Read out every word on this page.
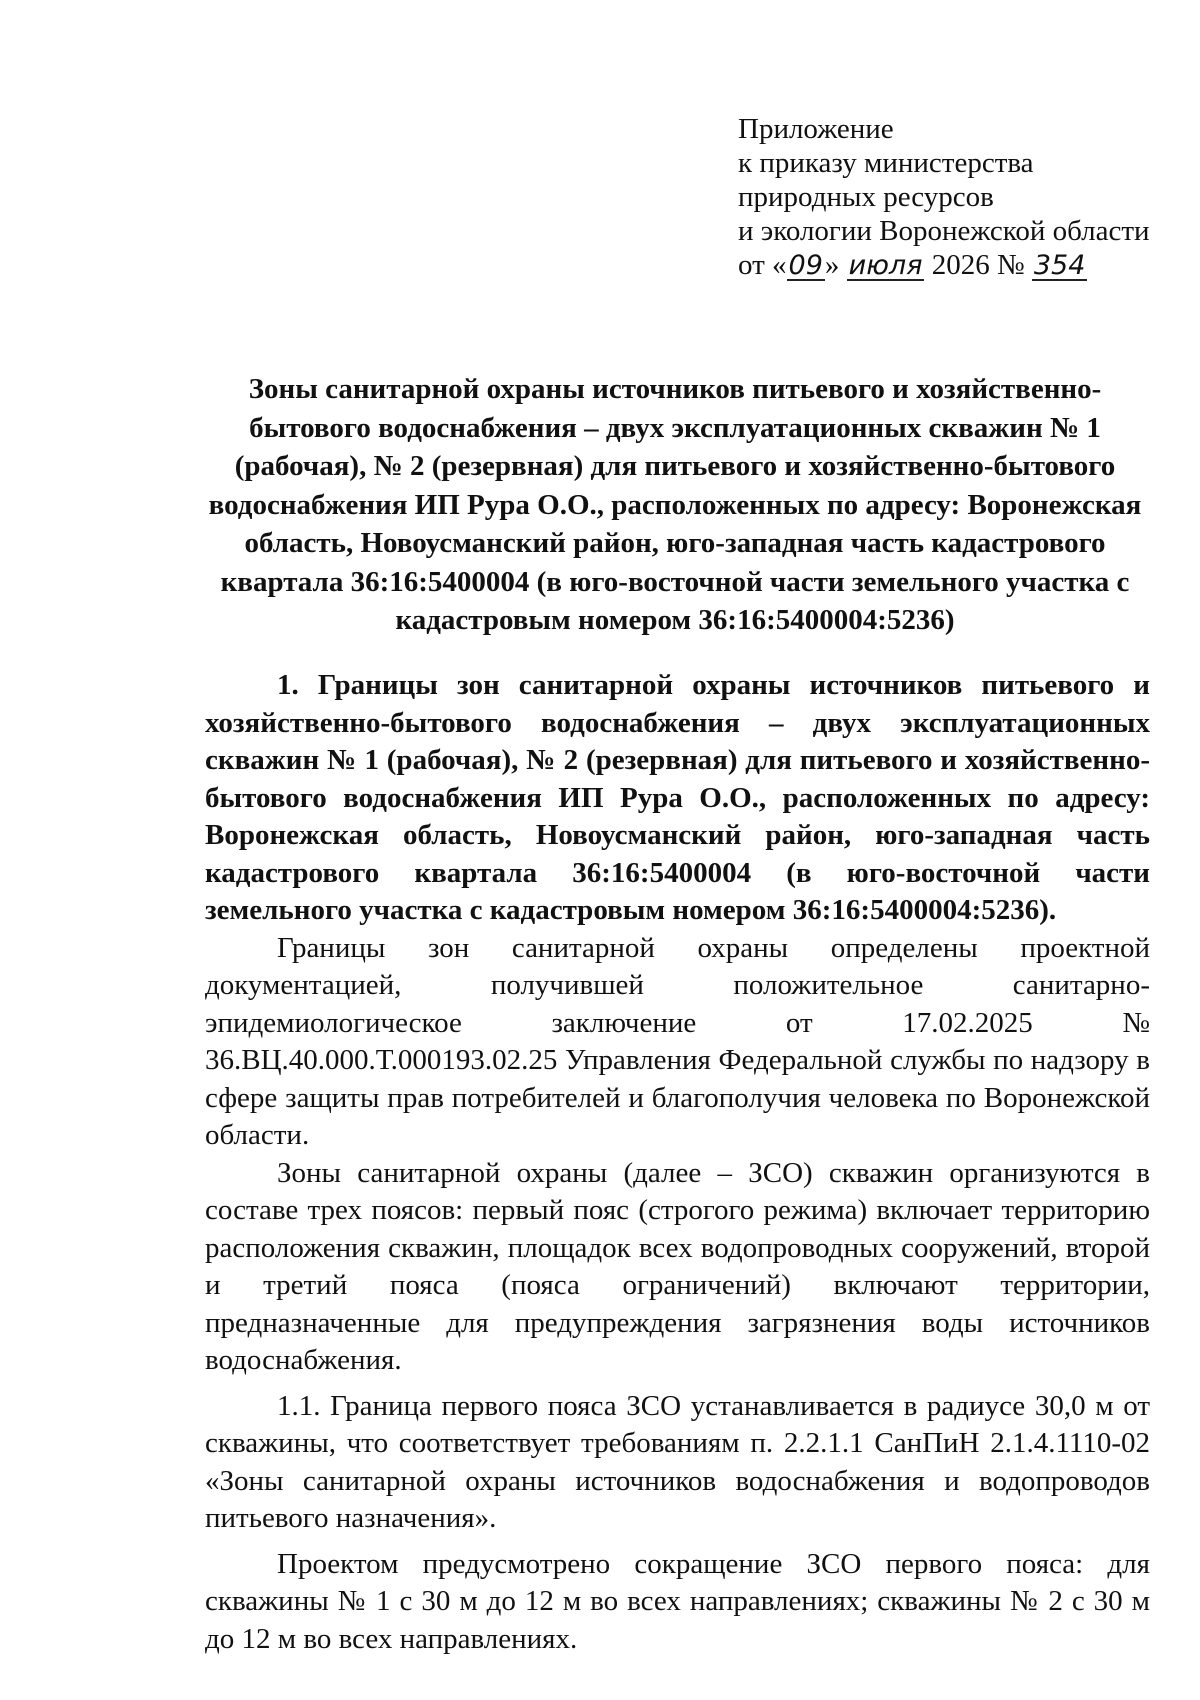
Приложение
к приказу министерства
природных ресурсов
и экологии Воронежской области
от «09» июля 2026 № 354
Зоны санитарной охраны источников питьевого и хозяйственно-бытового водоснабжения – двух эксплуатационных скважин № 1 (рабочая), № 2 (резервная) для питьевого и хозяйственно-бытового водоснабжения ИП Рура О.О., расположенных по адресу: Воронежская область, Новоусманский район, юго-западная часть кадастрового квартала 36:16:5400004 (в юго-восточной части земельного участка с кадастровым номером 36:16:5400004:5236)

1. Границы зон санитарной охраны источников питьевого и хозяйственно-бытового водоснабжения – двух эксплуатационных скважин № 1 (рабочая), № 2 (резервная) для питьевого и хозяйственно-бытового водоснабжения ИП Рура О.О., расположенных по адресу: Воронежская область, Новоусманский район, юго-западная часть кадастрового квартала 36:16:5400004 (в юго-восточной части земельного участка с кадастровым номером 36:16:5400004:5236).

Границы зон санитарной охраны определены проектной документацией, получившей положительное санитарно-эпидемиологическое заключение от 17.02.2025 № 36.ВЦ.40.000.Т.000193.02.25 Управления Федеральной службы по надзору в сфере защиты прав потребителей и благополучия человека по Воронежской области.

Зоны санитарной охраны (далее – ЗСО) скважин организуются в составе трех поясов: первый пояс (строгого режима) включает территорию расположения скважин, площадок всех водопроводных сооружений, второй и третий пояса (пояса ограничений) включают территории, предназначенные для предупреждения загрязнения воды источников водоснабжения.

1.1. Граница первого пояса ЗСО устанавливается в радиусе 30,0 м от скважины, что соответствует требованиям п. 2.2.1.1 СанПиН 2.1.4.1110-02 «Зоны санитарной охраны источников водоснабжения и водопроводов питьевого назначения».

Проектом предусмотрено сокращение ЗСО первого пояса: для скважины № 1 с 30 м до 12 м во всех направлениях; скважины № 2 с 30 м до 12 м во всех направлениях.
